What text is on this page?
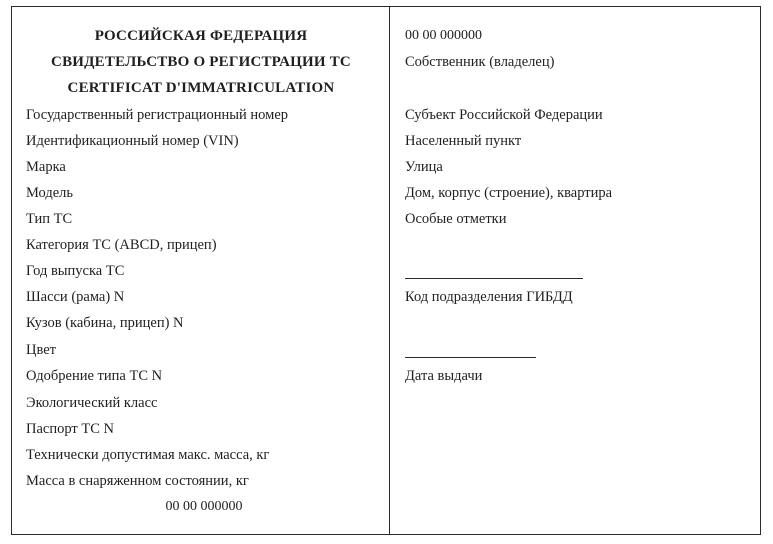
РОССИЙСКАЯ ФЕДЕРАЦИЯ
СВИДЕТЕЛЬСТВО О РЕГИСТРАЦИИ ТС
CERTIFICAT D'IMMATRICULATION
Государственный регистрационный номер
Идентификационный номер (VIN)
Марка
Модель
Тип ТС
Категория ТС (ABCD, прицеп)
Год выпуска ТС
Шасси (рама) N
Кузов (кабина, прицеп) N
Цвет
Одобрение типа ТС N
Экологический класс
Паспорт ТС N
Технически допустимая макс. масса, кг
Масса в снаряженном состоянии, кг
00 00 000000
00 00 000000
Собственник (владелец)
Субъект Российской Федерации
Населенный пункт
Улица
Дом, корпус (строение), квартира
Особые отметки
Код подразделения ГИБДД
Дата выдачи
